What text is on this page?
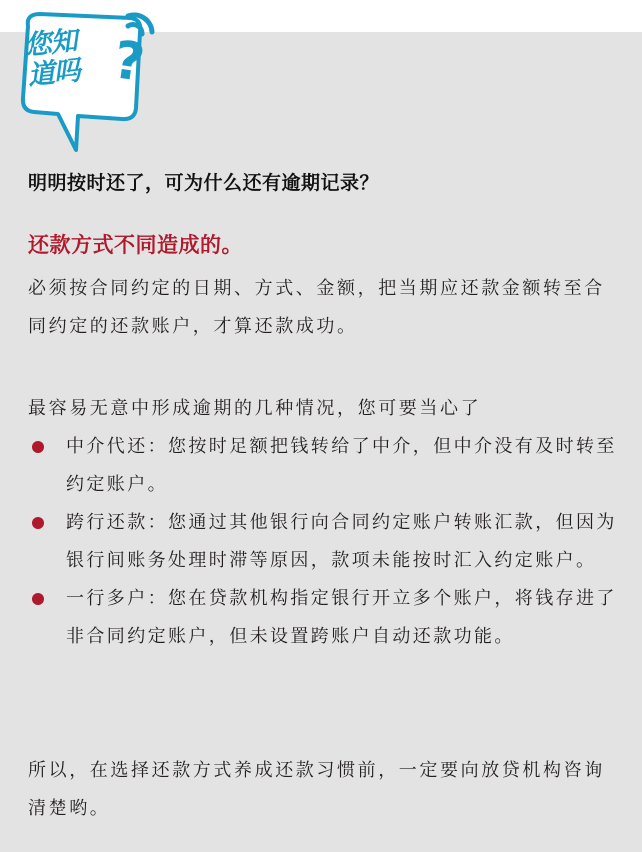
您知
道吗 ?

明明按时还了，可为什么还有逾期记录？

还款方式不同造成的。

必须按合同约定的日期、方式、金额，把当期应还款金额转至合同约定的还款账户，才算还款成功。

最容易无意中形成逾期的几种情况，您可要当心了

中介代还：您按时足额把钱转给了中介，但中介没有及时转至约定账户。
跨行还款：您通过其他银行向合同约定账户转账汇款，但因为银行间账务处理时滞等原因，款项未能按时汇入约定账户。
一行多户：您在贷款机构指定银行开立多个账户，将钱存进了非合同约定账户，但未设置跨账户自动还款功能。

所以，在选择还款方式养成还款习惯前，一定要向放贷机构咨询清楚哟。
